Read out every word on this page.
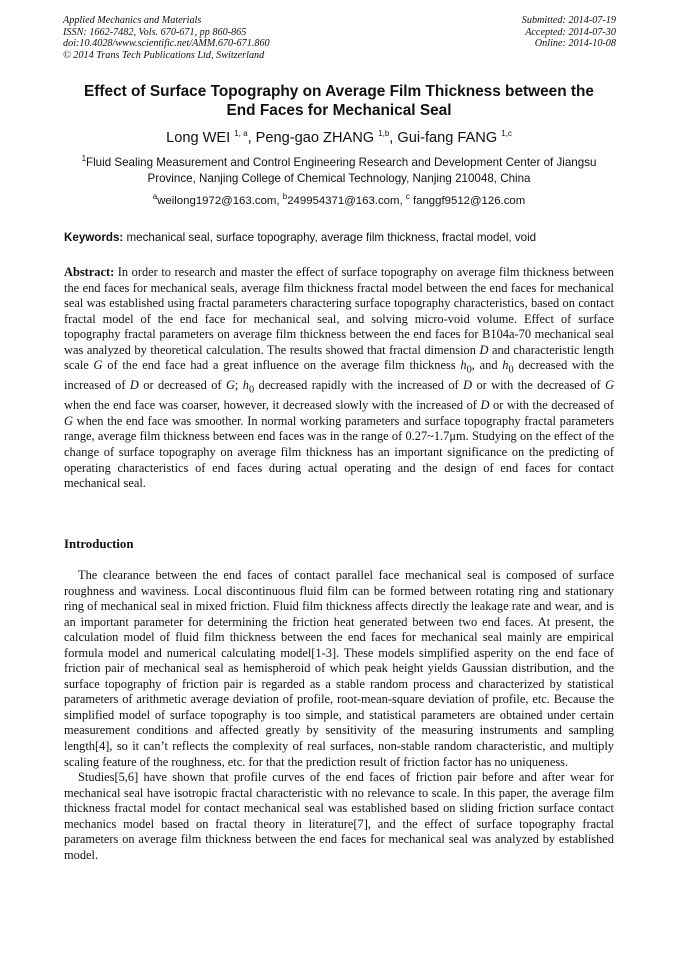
Applied Mechanics and Materials
ISSN: 1662-7482, Vols. 670-671, pp 860-865
doi:10.4028/www.scientific.net/AMM.670-671.860
© 2014 Trans Tech Publications Ltd, Switzerland
Submitted: 2014-07-19
Accepted: 2014-07-30
Online: 2014-10-08
Effect of Surface Topography on Average Film Thickness between the
End Faces for Mechanical Seal
Long WEI $^{1, a}$, Peng-gao ZHANG $^{1,b}$, Gui-fang FANG $^{1,c}$
$^1$Fluid Sealing Measurement and Control Engineering Research and Development Center of Jiangsu
Province, Nanjing College of Chemical Technology, Nanjing 210048, China
$^a$weilong1972@163.com, $^b$249954371@163.com, $^c$ fanggf9512@126.com
Keywords: mechanical seal, surface topography, average film thickness, fractal model, void
Abstract: In order to research and master the effect of surface topography on average film thickness between the end faces for mechanical seals, average film thickness fractal model between the end faces for mechanical seal was established using fractal parameters charactering surface topography characteristics, based on contact fractal model of the end face for mechanical seal, and solving micro-void volume. Effect of surface topography fractal parameters on average film thickness between the end faces for B104a-70 mechanical seal was analyzed by theoretical calculation. The results showed that fractal dimension D and characteristic length scale G of the end face had a great influence on the average film thickness $h_0$, and $h_0$ decreased with the increased of D or decreased of G; $h_0$ decreased rapidly with the increased of D or with the decreased of G when the end face was coarser, however, it decreased slowly with the increased of D or with the decreased of G when the end face was smoother. In normal working parameters and surface topography fractal parameters range, average film thickness between end faces was in the range of 0.27~1.7μm. Studying on the effect of the change of surface topography on average film thickness has an important significance on the predicting of operating characteristics of end faces during actual operating and the design of end faces for contact mechanical seal.
Introduction

The clearance between the end faces of contact parallel face mechanical seal is composed of surface roughness and waviness. Local discontinuous fluid film can be formed between rotating ring and stationary ring of mechanical seal in mixed friction. Fluid film thickness affects directly the leakage rate and wear, and is an important parameter for determining the friction heat generated between two end faces. At present, the calculation model of fluid film thickness between the end faces for mechanical seal mainly are empirical formula model and numerical calculating model[1-3]. These models simplified asperity on the end face of friction pair of mechanical seal as hemispheroid of which peak height yields Gaussian distribution, and the surface topography of friction pair is regarded as a stable random process and characterized by statistical parameters of arithmetic average deviation of profile, root-mean-square deviation of profile, etc. Because the simplified model of surface topography is too simple, and statistical parameters are obtained under certain measurement conditions and affected greatly by sensitivity of the measuring instruments and sampling length[4], so it can’t reflects the complexity of real surfaces, non-stable random characteristic, and multiply scaling feature of the roughness, etc. for that the prediction result of friction factor has no uniqueness.

Studies[5,6] have shown that profile curves of the end faces of friction pair before and after wear for mechanical seal have isotropic fractal characteristic with no relevance to scale. In this paper, the average film thickness fractal model for contact mechanical seal was established based on sliding friction surface contact mechanics model based on fractal theory in literature[7], and the effect of surface topography fractal parameters on average film thickness between the end faces for mechanical seal was analyzed by established model.
